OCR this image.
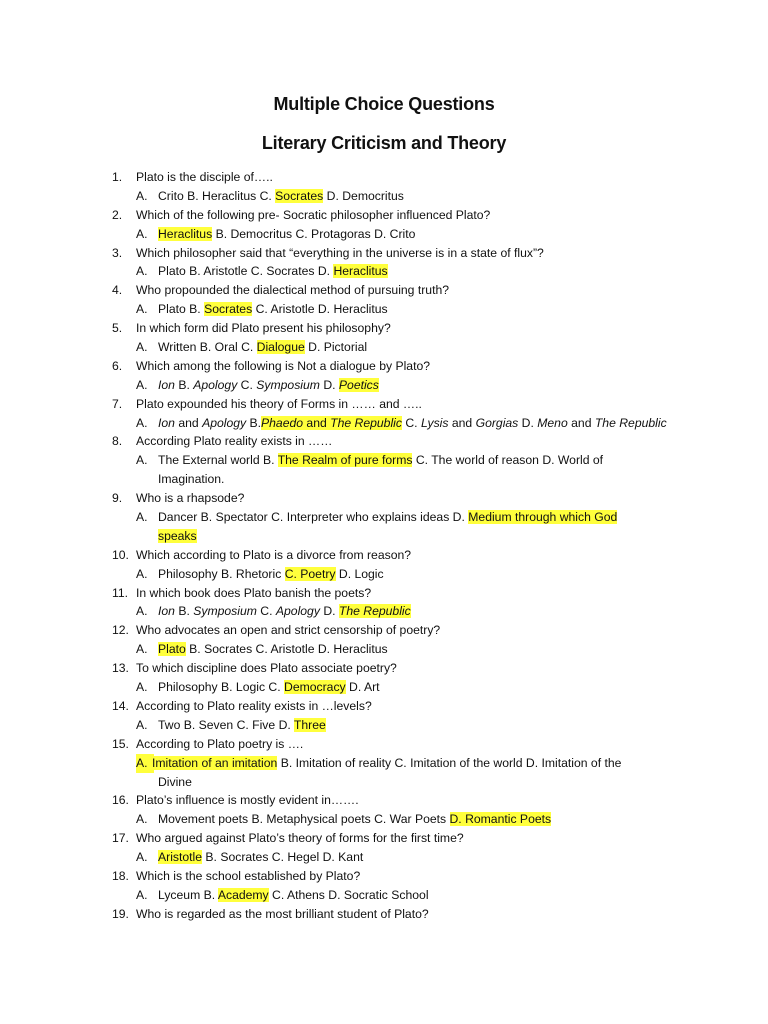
Multiple Choice Questions
Literary Criticism and Theory
1.	Plato is the disciple of…..
A. Crito B. Heraclitus C. Socrates D. Democritus
2.	Which of the following pre- Socratic philosopher influenced Plato?
A. Heraclitus B. Democritus C. Protagoras D. Crito
3.	Which philosopher said that “everything in the universe is in a state of flux”?
A. Plato B. Aristotle C. Socrates D. Heraclitus
4.	Who propounded the dialectical method of pursuing truth?
A. Plato B. Socrates C. Aristotle D. Heraclitus
5.	In which form did Plato present his philosophy?
A. Written B. Oral C. Dialogue D. Pictorial
6.	Which among the following is Not a dialogue by Plato?
A. Ion B. Apology C. Symposium D. Poetics
7.	Plato expounded his theory of Forms in …… and …..
A. Ion and Apology B.Phaedo and The Republic C. Lysis and Gorgias D. Meno and The Republic
8.	According Plato reality exists in ……
A. The External world B. The Realm of pure forms C. The world of reason D. World of
Imagination.
9.	Who is a rhapsode?
A. Dancer B. Spectator C. Interpreter who explains ideas D. Medium through which God
speaks
10. Which according to Plato is a divorce from reason?
A. Philosophy B. Rhetoric C. Poetry D. Logic
11. In which book does Plato banish the poets?
A. Ion B. Symposium C. Apology D. The Republic
12. Who advocates an open and strict censorship of poetry?
A. Plato B. Socrates C. Aristotle D. Heraclitus
13. To which discipline does Plato associate poetry?
A. Philosophy B. Logic C. Democracy D. Art
14. According to Plato reality exists in …levels?
A. Two B. Seven C. Five D. Three
15. According to Plato poetry is ….
A. Imitation of an imitation B. Imitation of reality C. Imitation of the world D. Imitation of the
Divine
16. Plato’s influence is mostly evident in…….
A. Movement poets B. Metaphysical poets C. War Poets D. Romantic Poets
17. Who argued against Plato’s theory of forms for the first time?
A. Aristotle B. Socrates C. Hegel D. Kant
18. Which is the school established by Plato?
A. Lyceum B. Academy C. Athens D. Socratic School
19. Who is regarded as the most brilliant student of Plato?
